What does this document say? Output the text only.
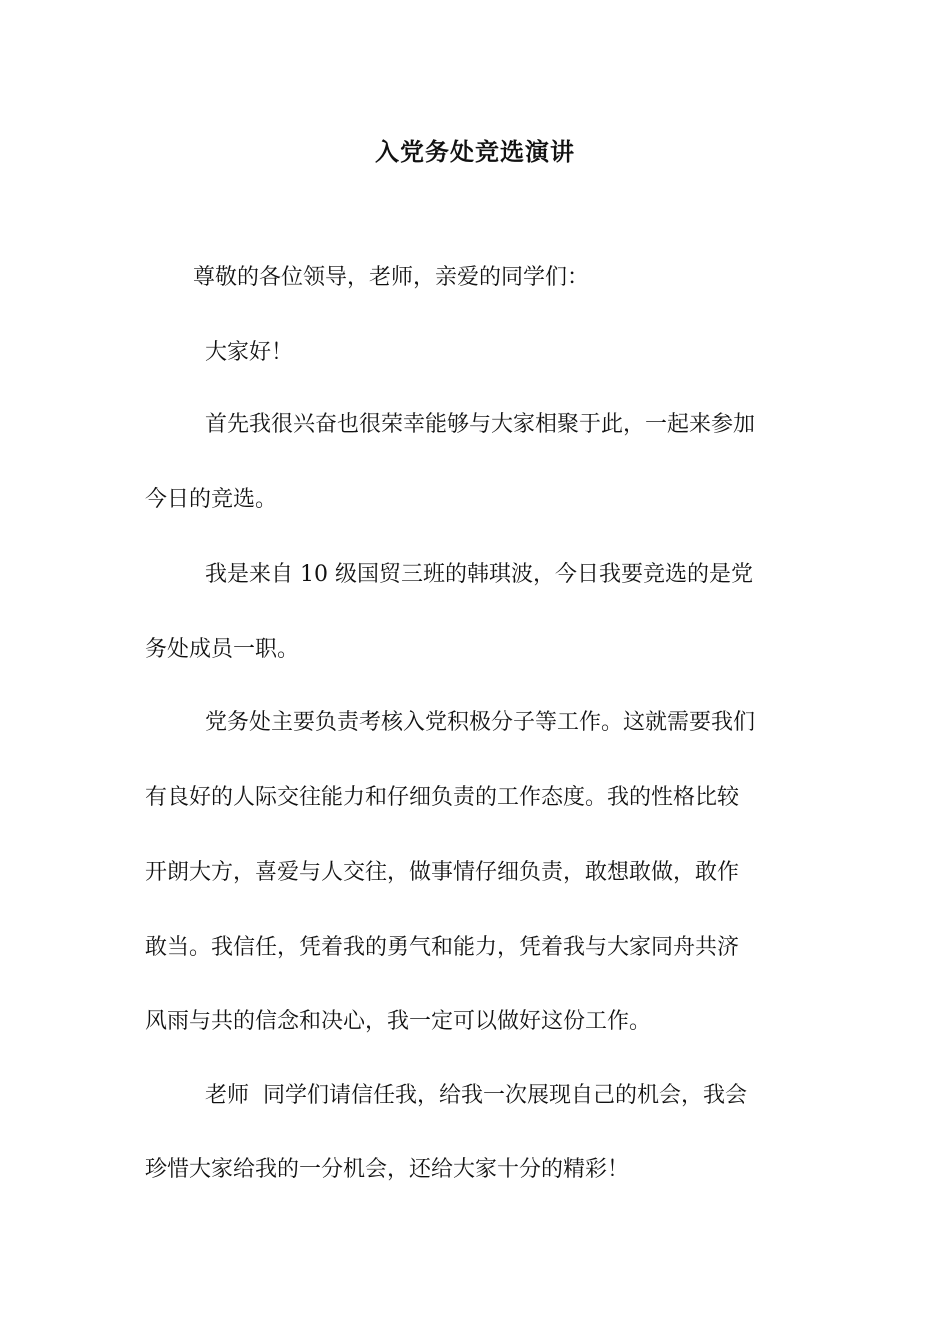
入党务处竞选演讲

尊敬的各位领导，老师，亲爱的同学们：

大家好！

首先我很兴奋也很荣幸能够与大家相聚于此，一起来参加

今日的竞选。

我是来自 10 级国贸三班的韩琪波，今日我要竞选的是党

务处成员一职。

党务处主要负责考核入党积极分子等工作。这就需要我们

有良好的人际交往能力和仔细负责的工作态度。我的性格比较

开朗大方，喜爱与人交往，做事情仔细负责，敢想敢做，敢作

敢当。我信任，凭着我的勇气和能力，凭着我与大家同舟共济

风雨与共的信念和决心，我一定可以做好这份工作。

老师  同学们请信任我，给我一次展现自己的机会，我会

珍惜大家给我的一分机会，还给大家十分的精彩！
